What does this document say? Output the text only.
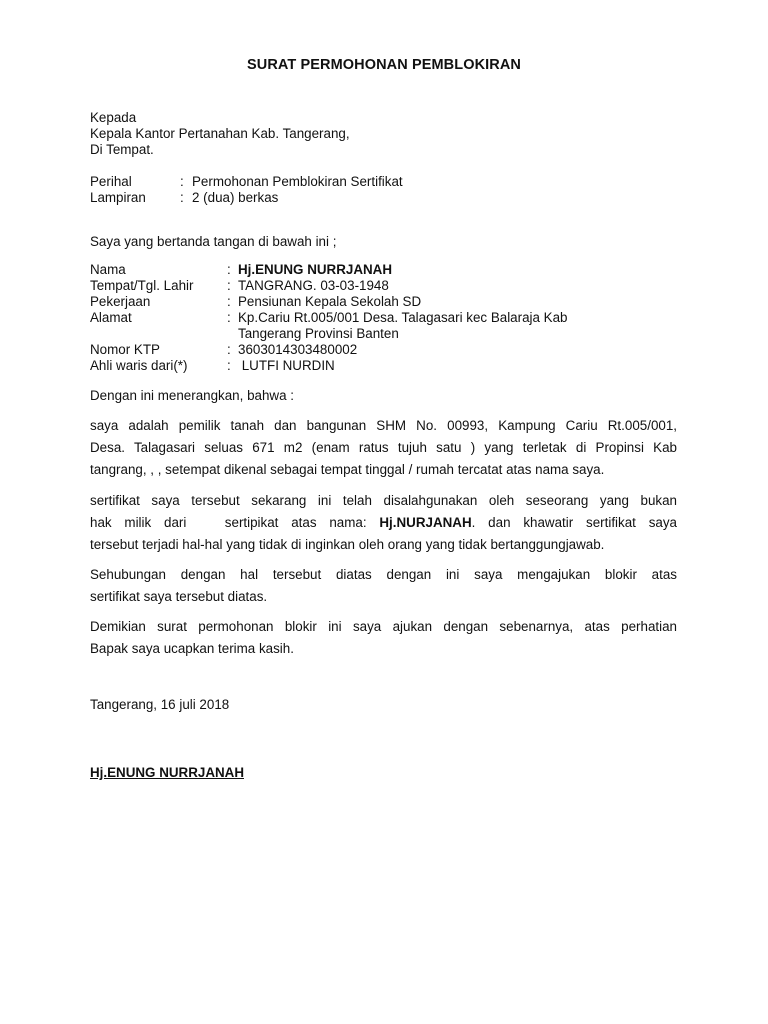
SURAT PERMOHONAN PEMBLOKIRAN
Kepada
Kepala Kantor Pertanahan Kab. Tangerang,
Di Tempat.
Perihal	: Permohonan Pemblokiran Sertifikat
Lampiran	: 2 (dua) berkas
Saya yang bertanda tangan di bawah ini ;
Nama	: Hj.ENUNG NURRJANAH
Tempat/Tgl. Lahir	: TANGRANG. 03-03-1948
Pekerjaan	: Pensiunan Kepala Sekolah SD
Alamat	: Kp.Cariu Rt.005/001 Desa. Talagasari kec Balaraja Kab
Tangerang Provinsi Banten
Nomor KTP	: 3603014303480002
Ahli waris dari(*)	: LUTFI NURDIN
Dengan ini menerangkan, bahwa :
saya adalah pemilik tanah dan bangunan SHM No. 00993, Kampung Cariu Rt.005/001,
Desa. Talagasari seluas 671 m2 (enam ratus tujuh satu ) yang terletak di Propinsi Kab
tangrang, , , setempat dikenal sebagai tempat tinggal / rumah tercatat atas nama saya.
sertifikat saya tersebut sekarang ini telah disalahgunakan oleh seseorang yang bukan
hak milik dari   sertipikat atas nama: Hj.NURJANAH. dan khawatir sertifikat saya
tersebut terjadi hal-hal yang tidak di inginkan oleh orang yang tidak bertanggungjawab.
Sehubungan dengan hal tersebut diatas dengan ini saya mengajukan blokir atas
sertifikat saya tersebut diatas.
Demikian surat permohonan blokir ini saya ajukan dengan sebenarnya, atas perhatian
Bapak saya ucapkan terima kasih.
Tangerang, 16 juli 2018
Hj.ENUNG NURRJANAH
